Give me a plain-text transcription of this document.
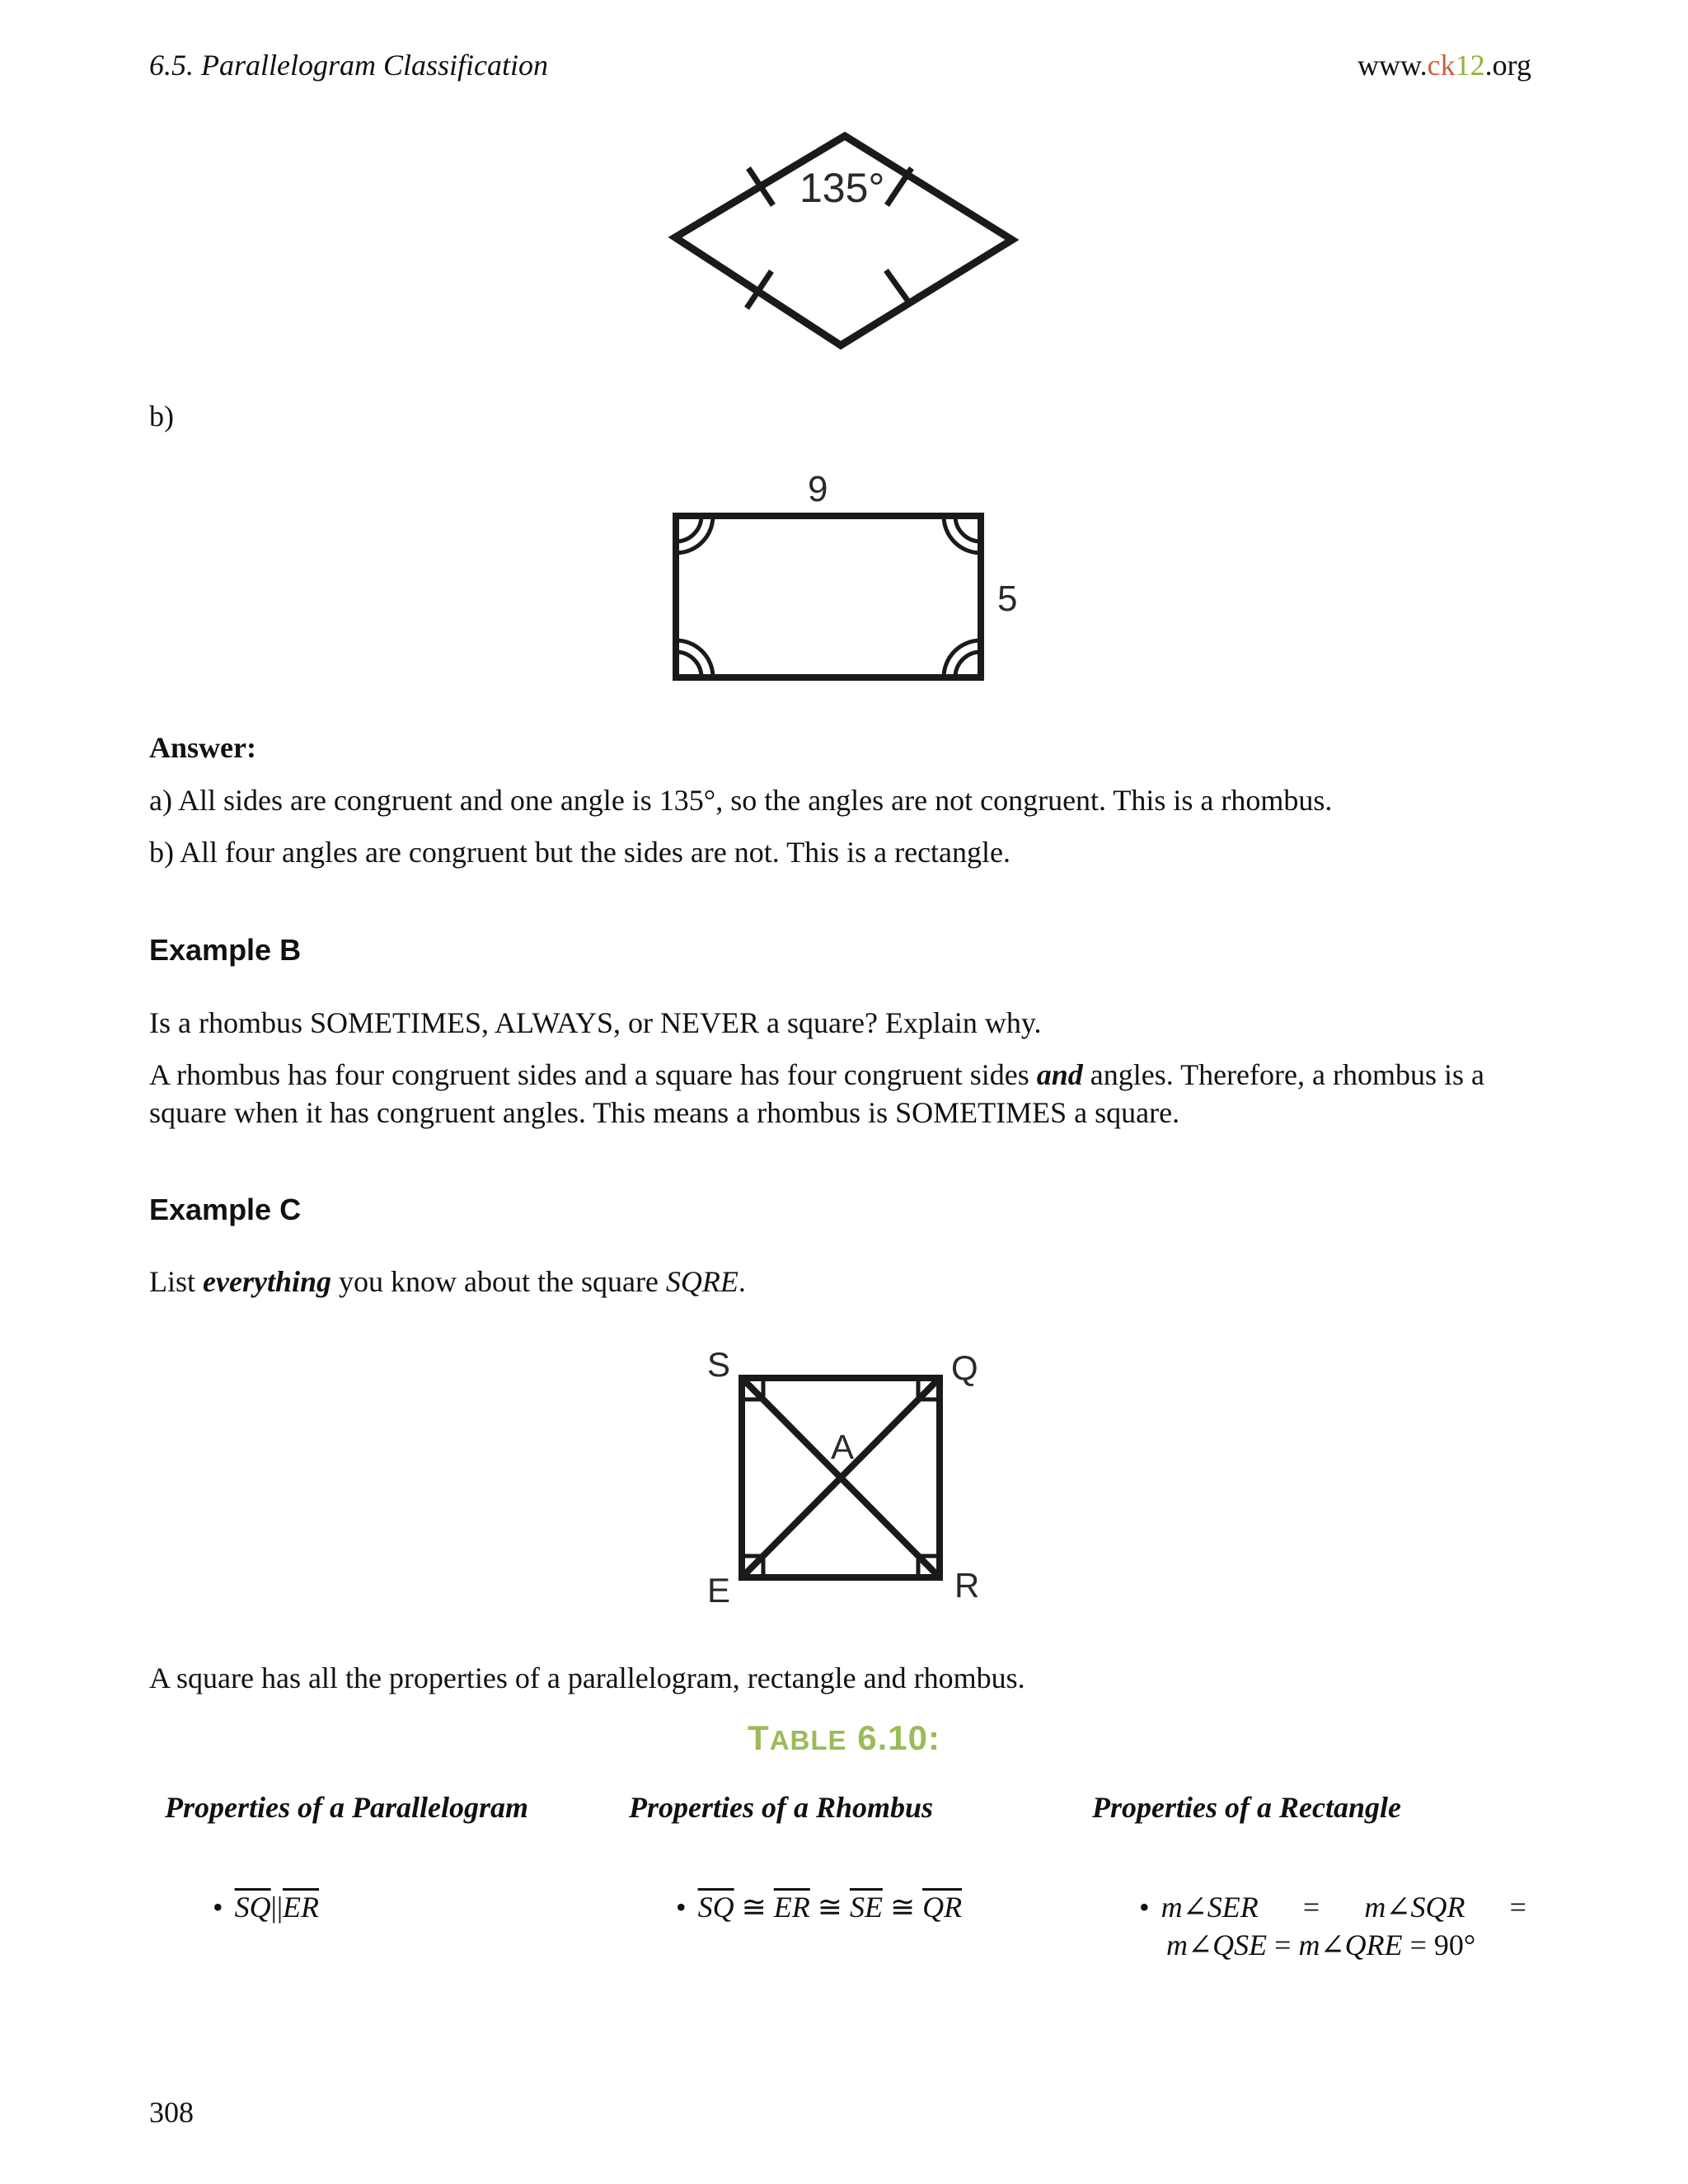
6.5. Parallelogram Classification	www.ck12.org
135°
b)
9
5
Answer:
a) All sides are congruent and one angle is 135°, so the angles are not congruent. This is a rhombus.
b) All four angles are congruent but the sides are not. This is a rectangle.
Example B
Is a rhombus SOMETIMES, ALWAYS, or NEVER a square? Explain why.
A rhombus has four congruent sides and a square has four congruent sides and angles. Therefore, a rhombus is a
square when it has congruent angles. This means a rhombus is SOMETIMES a square.
Example C
List everything you know about the square SQRE.
S	Q
A
E	R
A square has all the properties of a parallelogram, rectangle and rhombus.
TABLE 6.10:
Properties of a Parallelogram	Properties of a Rhombus	Properties of a Rectangle
• $\overline{SQ}||\overline{ER}$	• $\overline{SQ}$ ≅ $\overline{ER}$ ≅ $\overline{SE}$ ≅ $\overline{QR}$	• m∠SER = m∠SQR =
m∠QSE = m∠QRE = 90°
308
